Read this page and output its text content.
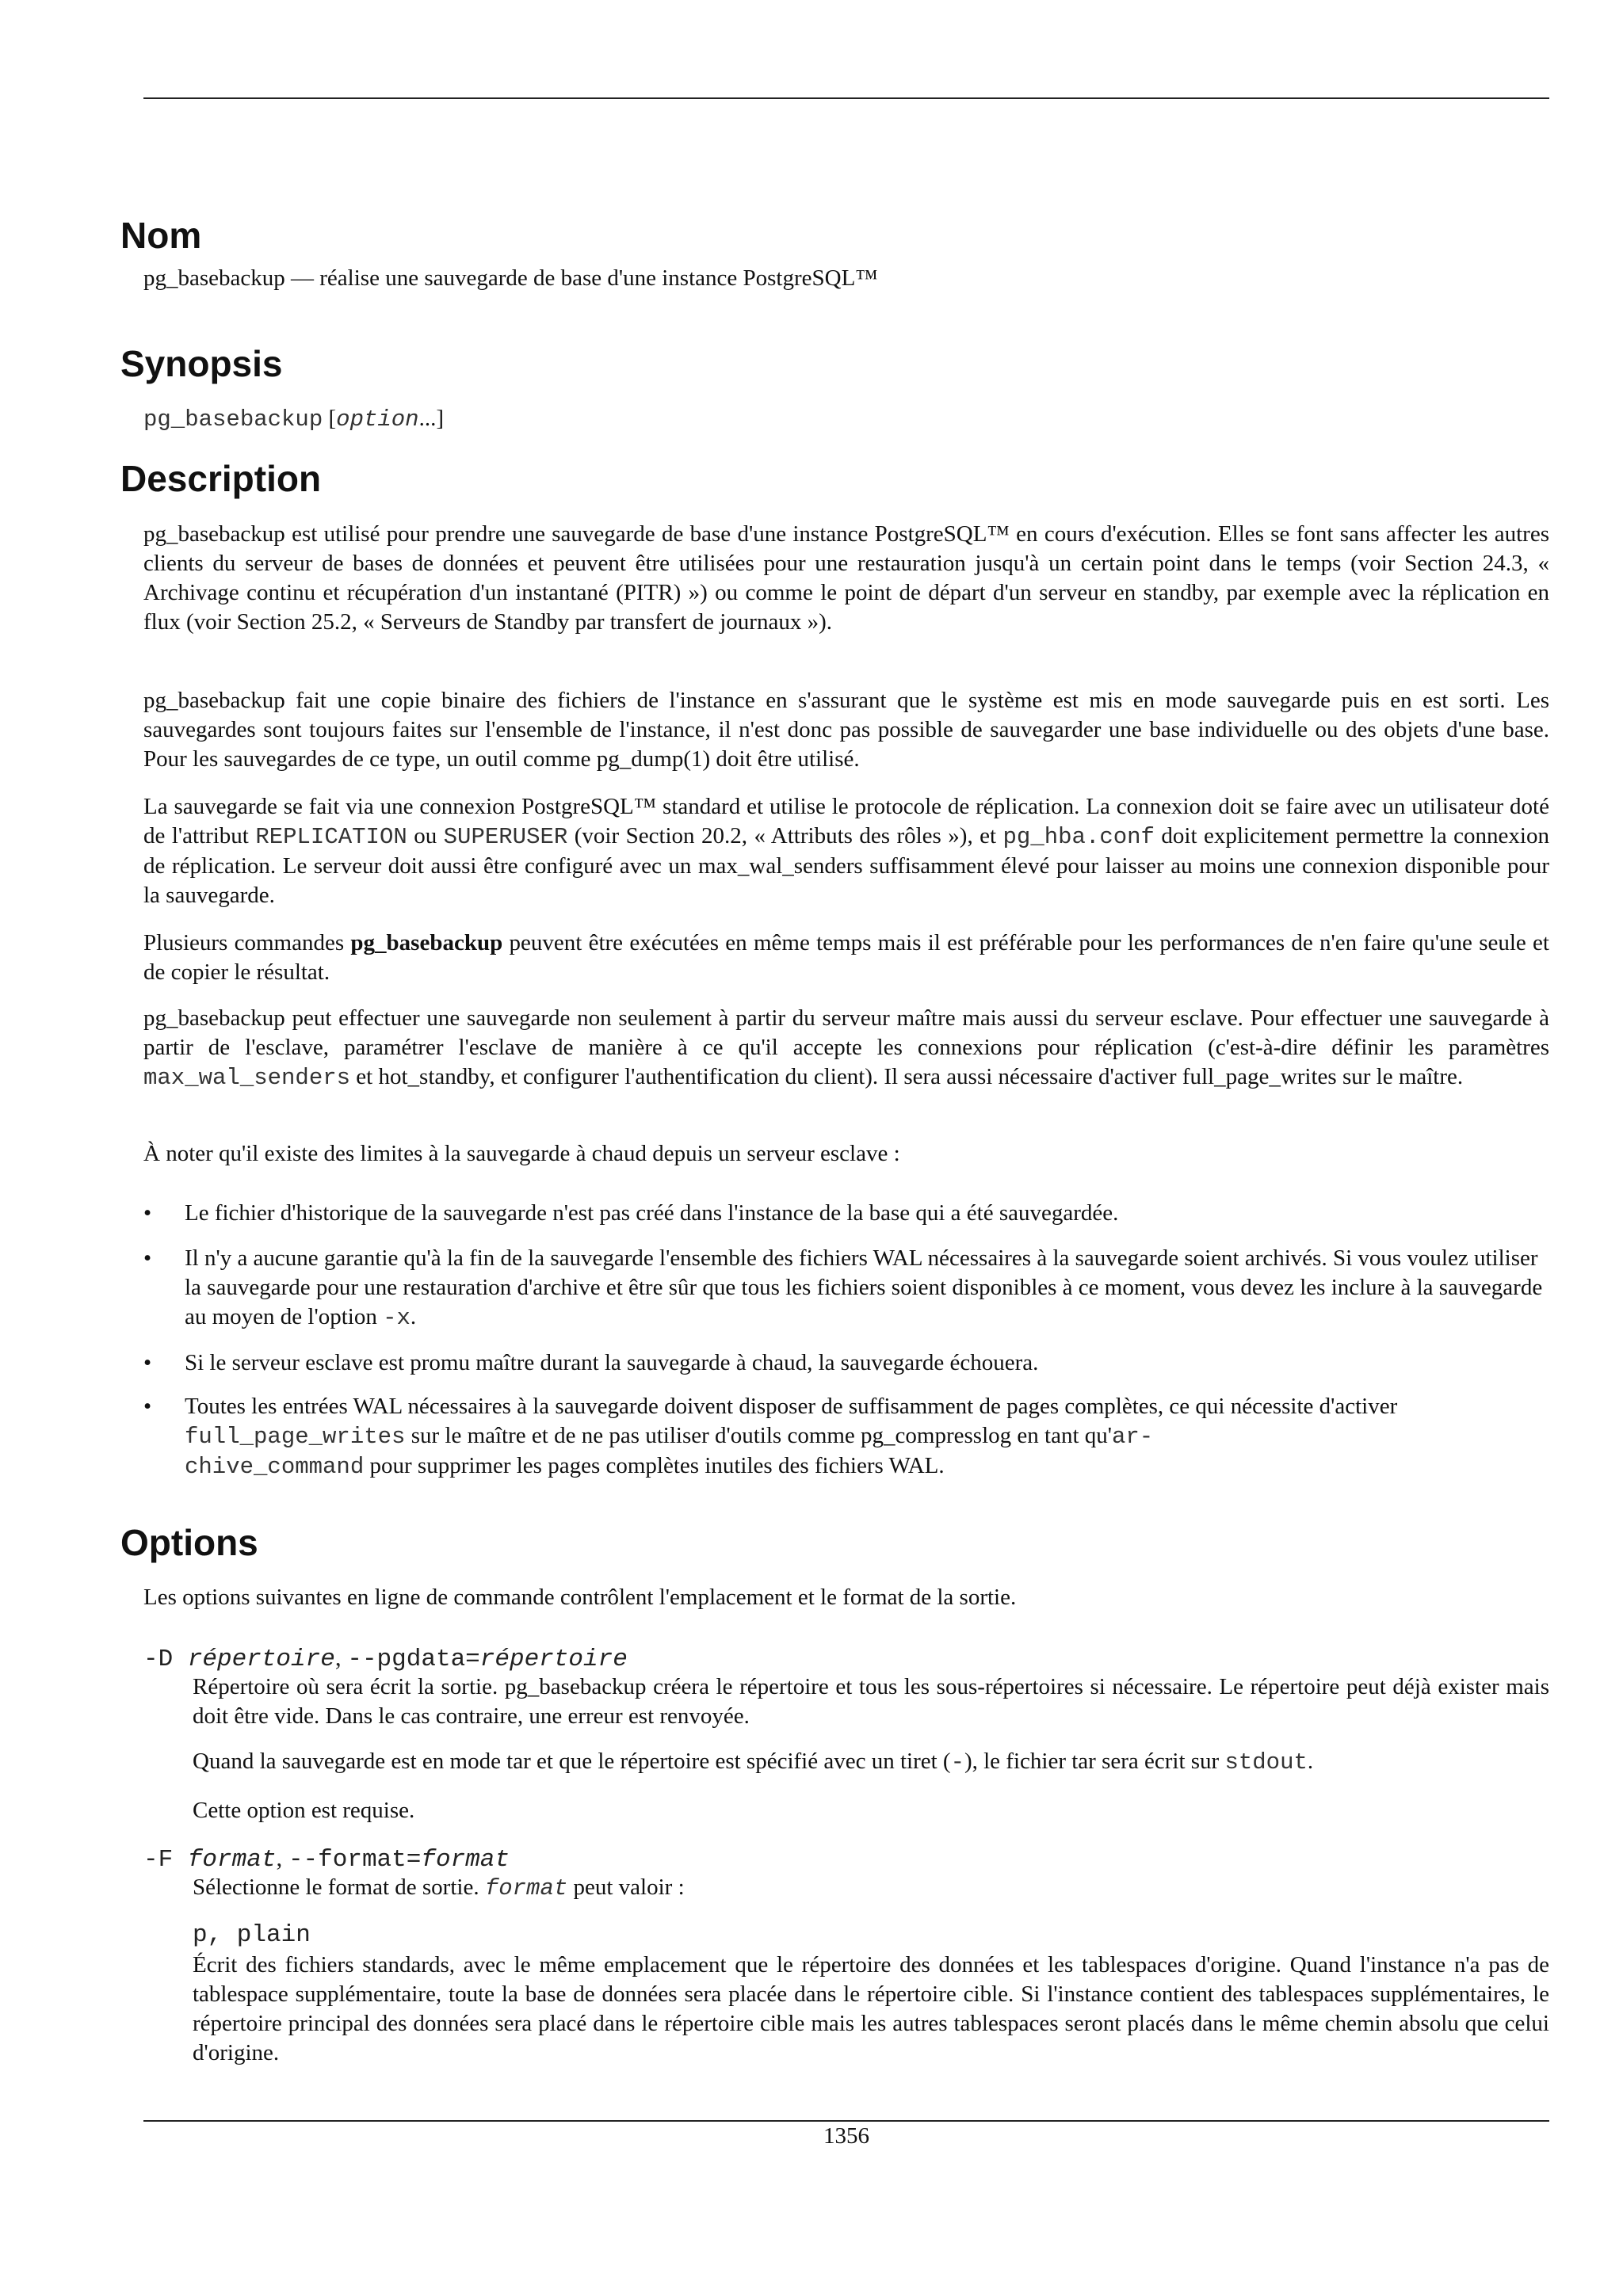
Nom

pg_basebackup — réalise une sauvegarde de base d'une instance PostgreSQL™

Synopsis

pg_basebackup [option...]

Description

pg_basebackup est utilisé pour prendre une sauvegarde de base d'une instance PostgreSQL™ en cours d'exécution. Elles se font sans affecter les autres clients du serveur de bases de données et peuvent être utilisées pour une restauration jusqu'à un certain point dans le temps (voir Section 24.3, « Archivage continu et récupération d'un instantané (PITR) ») ou comme le point de départ d'un serveur en standby, par exemple avec la réplication en flux (voir Section 25.2, « Serveurs de Standby par transfert de journaux »).

pg_basebackup fait une copie binaire des fichiers de l'instance en s'assurant que le système est mis en mode sauvegarde puis en est sorti. Les sauvegardes sont toujours faites sur l'ensemble de l'instance, il n'est donc pas possible de sauvegarder une base individuelle ou des objets d'une base. Pour les sauvegardes de ce type, un outil comme pg_dump(1) doit être utilisé.

La sauvegarde se fait via une connexion PostgreSQL™ standard et utilise le protocole de réplication. La connexion doit se faire avec un utilisateur doté de l'attribut REPLICATION ou SUPERUSER (voir Section 20.2, « Attributs des rôles »), et pg_hba.conf doit explicitement permettre la connexion de réplication. Le serveur doit aussi être configuré avec un max_wal_senders suffisamment élevé pour laisser au moins une connexion disponible pour la sauvegarde.

Plusieurs commandes pg_basebackup peuvent être exécutées en même temps mais il est préférable pour les performances de n'en faire qu'une seule et de copier le résultat.

pg_basebackup peut effectuer une sauvegarde non seulement à partir du serveur maître mais aussi du serveur esclave. Pour effectuer une sauvegarde à partir de l'esclave, paramétrer l'esclave de manière à ce qu'il accepte les connexions pour réplication (c'est-à-dire définir les paramètres max_wal_senders et hot_standby, et configurer l'authentification du client). Il sera aussi nécessaire d'activer full_page_writes sur le maître.

À noter qu'il existe des limites à la sauvegarde à chaud depuis un serveur esclave :

• Le fichier d'historique de la sauvegarde n'est pas créé dans l'instance de la base qui a été sauvegardée.
• Il n'y a aucune garantie qu'à la fin de la sauvegarde l'ensemble des fichiers WAL nécessaires à la sauvegarde soient archivés. Si vous voulez utiliser la sauvegarde pour une restauration d'archive et être sûr que tous les fichiers soient disponibles à ce moment, vous devez les inclure à la sauvegarde au moyen de l'option -x.
• Si le serveur esclave est promu maître durant la sauvegarde à chaud, la sauvegarde échouera.
• Toutes les entrées WAL nécessaires à la sauvegarde doivent disposer de suffisamment de pages complètes, ce qui nécessite d'activer full_page_writes sur le maître et de ne pas utiliser d'outils comme pg_compresslog en tant qu'ar-
chive_command pour supprimer les pages complètes inutiles des fichiers WAL.
Options

Les options suivantes en ligne de commande contrôlent l'emplacement et le format de la sortie.

-D répertoire, --pgdata=répertoire

Répertoire où sera écrit la sortie. pg_basebackup créera le répertoire et tous les sous-répertoires si nécessaire. Le répertoire peut déjà exister mais doit être vide. Dans le cas contraire, une erreur est renvoyée.

Quand la sauvegarde est en mode tar et que le répertoire est spécifié avec un tiret (-), le fichier tar sera écrit sur stdout.

Cette option est requise.

-F format, --format=format

Sélectionne le format de sortie. format peut valoir :

p, plain

Écrit des fichiers standards, avec le même emplacement que le répertoire des données et les tablespaces d'origine. Quand l'instance n'a pas de tablespace supplémentaire, toute la base de données sera placée dans le répertoire cible. Si l'instance contient des tablespaces supplémentaires, le répertoire principal des données sera placé dans le répertoire cible mais les autres tablespaces seront placés dans le même chemin absolu que celui d'origine.

1356
